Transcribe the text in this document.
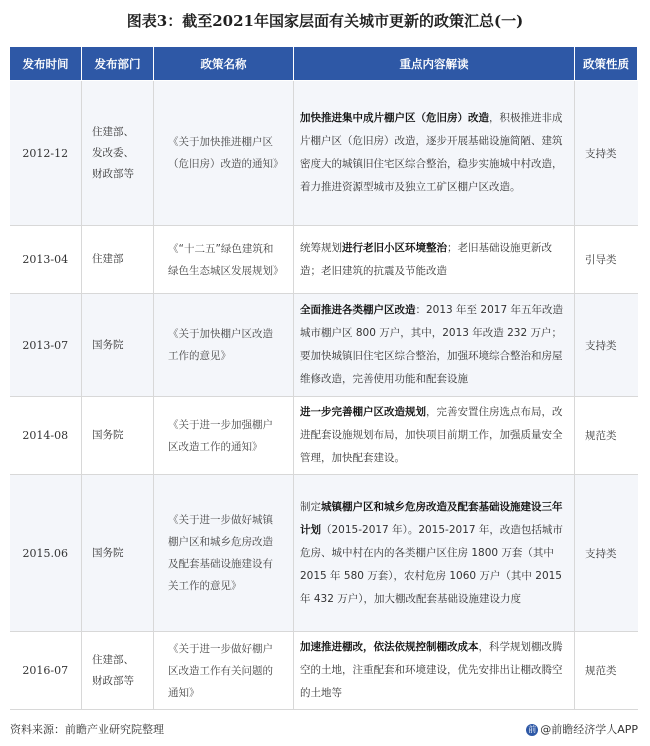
图表3：截至2021年国家层面有关城市更新的政策汇总(一)
发布时间	发布部门	政策名称	重点内容解读	政策性质
2012-12	住建部、
发改委、
财政部等	《关于加快推进棚户区（危旧房）改造的通知》	加快推进集中成片棚户区（危旧房）改造，积极推进非成片棚户区（危旧房）改造，逐步开展基础设施简陋、建筑密度大的城镇旧住宅区综合整治，稳步实施城中村改造，着力推进资源型城市及独立工矿区棚户区改造。	支持类
2013-04	住建部	《“十二五”绿色建筑和绿色生态城区发展规划》	统筹规划进行老旧小区环境整治；老旧基础设施更新改造；老旧建筑的抗震及节能改造	引导类
2013-07	国务院	《关于加快棚户区改造工作的意见》	全面推进各类棚户区改造：2013 年至 2017 年五年改造城市棚户区 800 万户，其中，2013 年改造 232 万户；要加快城镇旧住宅区综合整治，加强环境综合整治和房屋维修改造，完善使用功能和配套设施	支持类
2014-08	国务院	《关于进一步加强棚户区改造工作的通知》	进一步完善棚户区改造规划，完善安置住房选点布局，改进配套设施规划布局，加快项目前期工作，加强质量安全管理，加快配套建设。	规范类
2015.06	国务院	《关于进一步做好城镇棚户区和城乡危房改造及配套基础设施建设有关工作的意见》	制定城镇棚户区和城乡危房改造及配套基础设施建设三年计划（2015-2017 年）。2015-2017 年，改造包括城市危房、城中村在内的各类棚户区住房 1800 万套（其中 2015 年 580 万套），农村危房 1060 万户（其中 2015 年 432 万户），加大棚改配套基础设施建设力度	支持类
2016-07	住建部、
财政部等	《关于进一步做好棚户区改造工作有关问题的通知》	加速推进棚改，依法依规控制棚改成本，科学规划棚改腾空的土地，注重配套和环境建设，优先安排出让棚改腾空的土地等	规范类
资料来源：前瞻产业研究院整理	前 @前瞻经济学人APP
